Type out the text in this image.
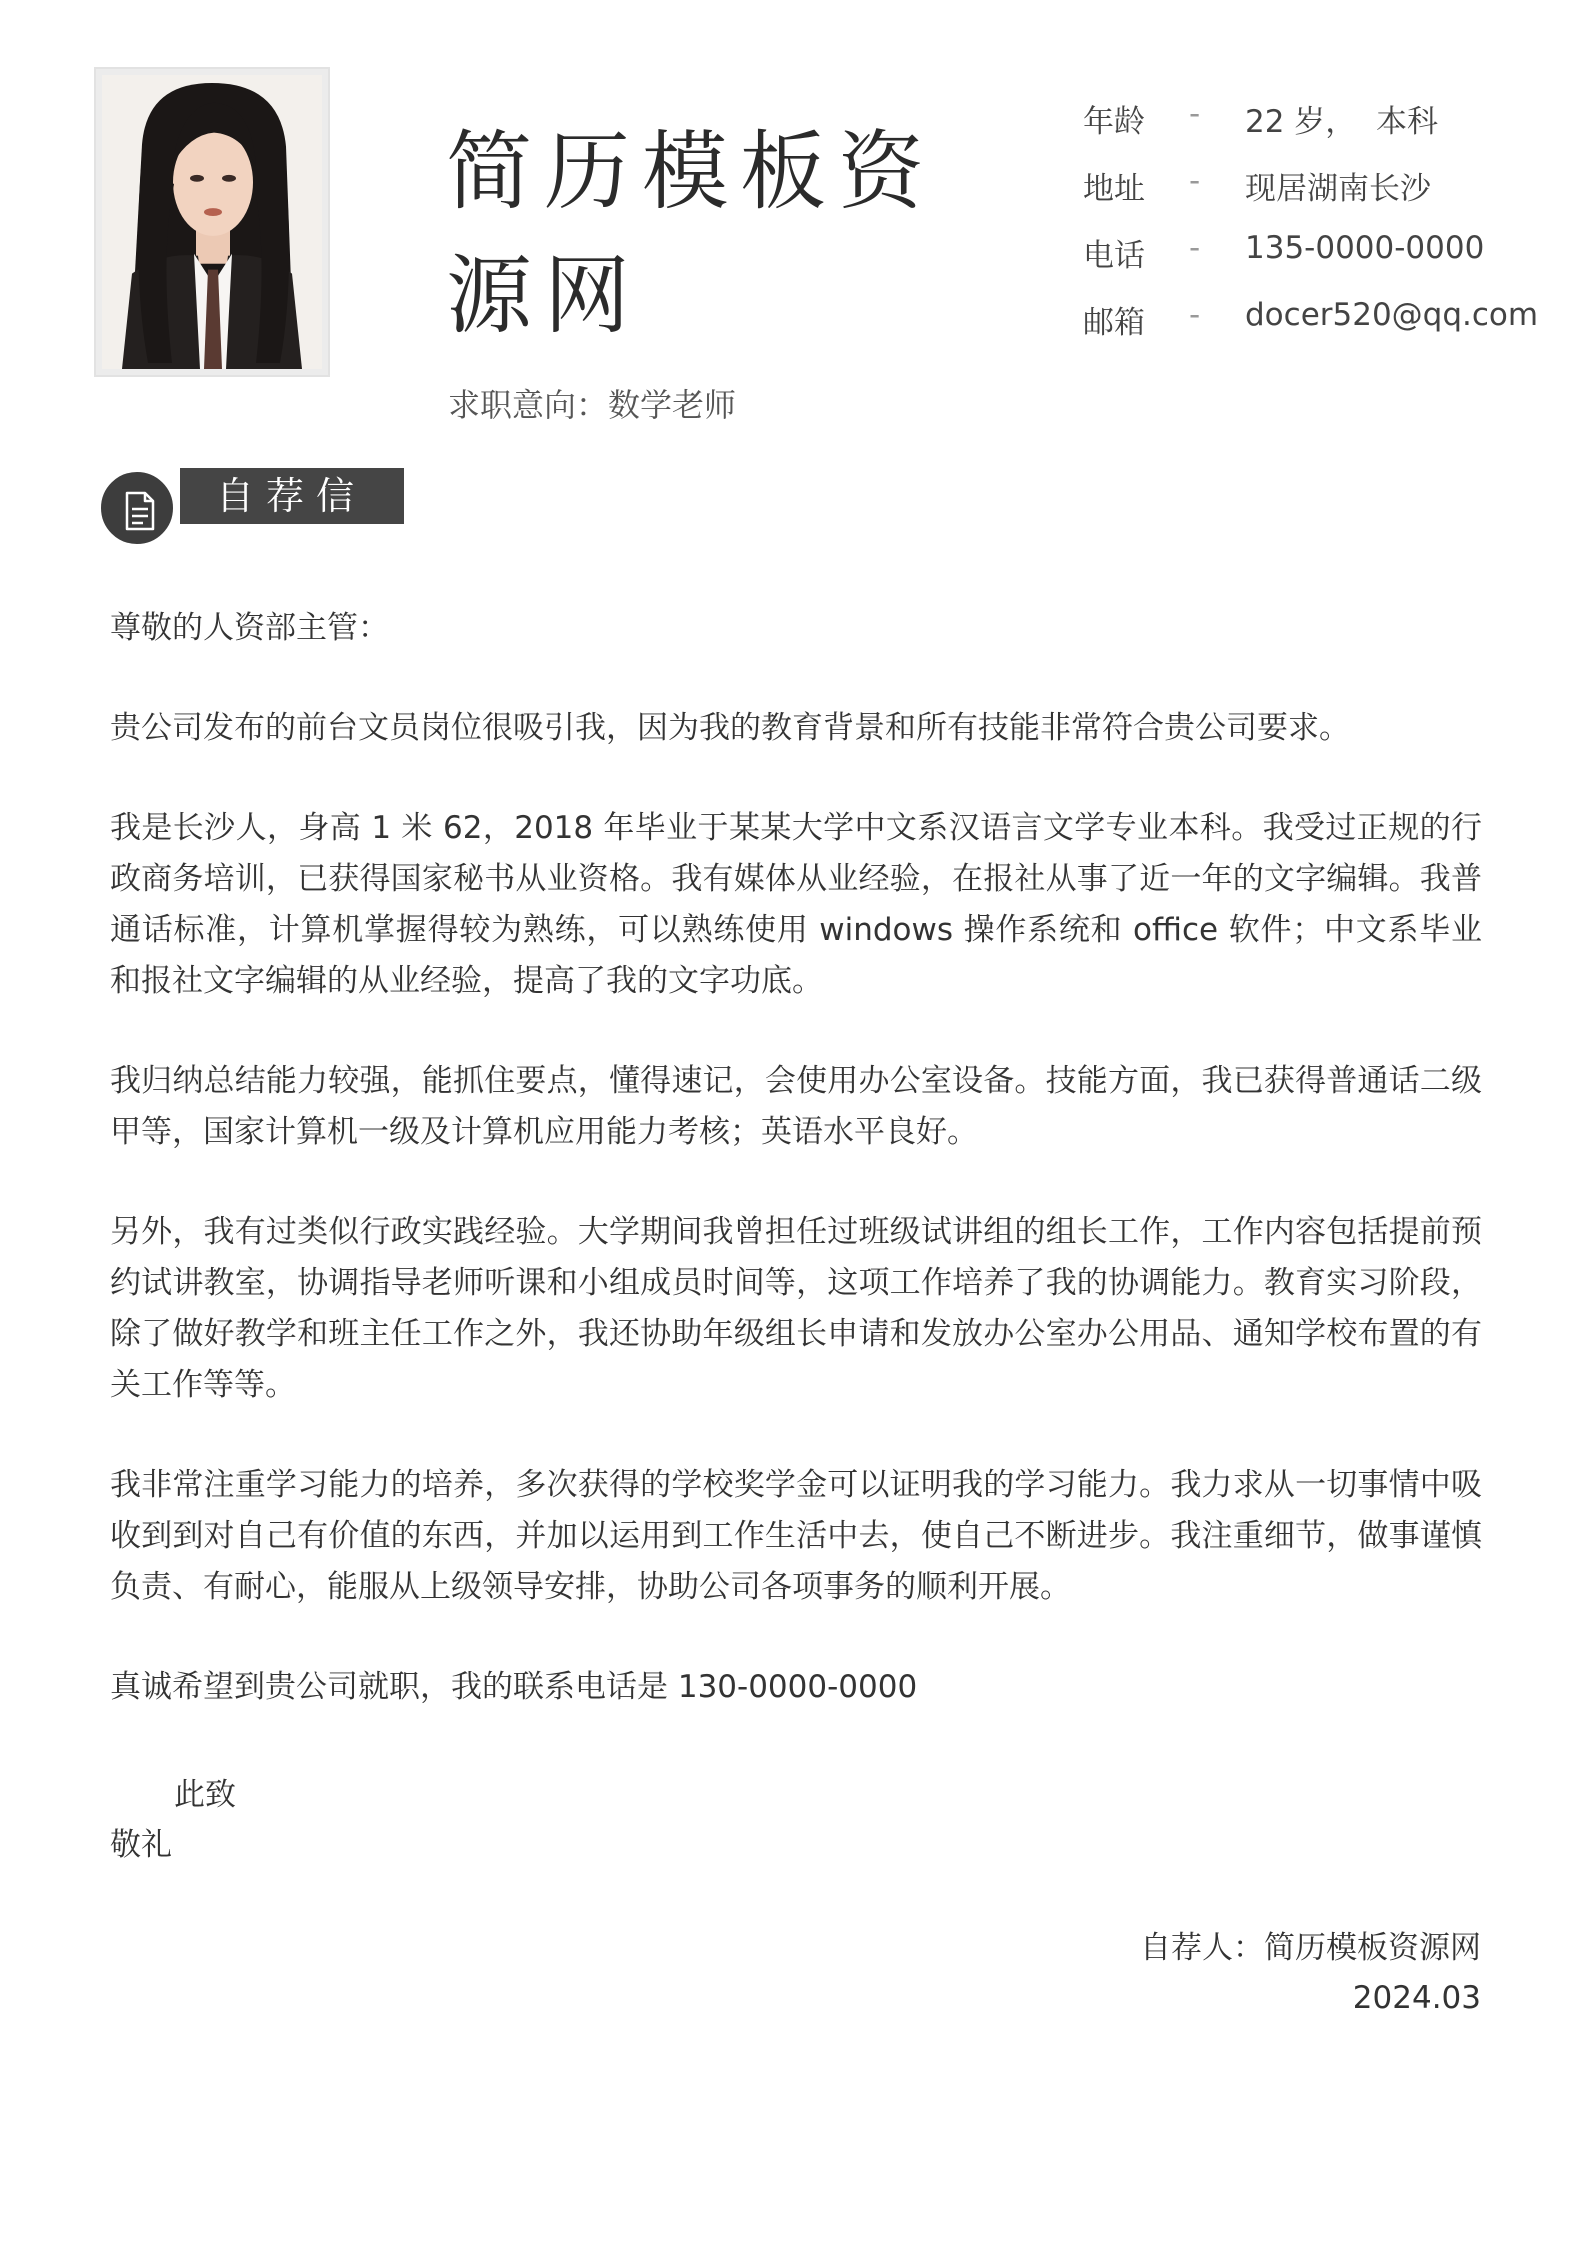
简历模板资源网
求职意向：数学老师
年龄 - 22 岁，  本科
地址 - 现居湖南长沙
电话 - 135-0000-0000
邮箱 - docer520@qq.com
自荐信

尊敬的人资部主管：

贵公司发布的前台文员岗位很吸引我，因为我的教育背景和所有技能非常符合贵公司要求。

我是长沙人，身高 1 米 62，2018 年毕业于某某大学中文系汉语言文学专业本科。我受过正规的行政商务培训，已获得国家秘书从业资格。我有媒体从业经验，在报社从事了近一年的文字编辑。我普通话标准，计算机掌握得较为熟练，可以熟练使用 windows 操作系统和 office 软件；中文系毕业和报社文字编辑的从业经验，提高了我的文字功底。

我归纳总结能力较强，能抓住要点，懂得速记，会使用办公室设备。技能方面，我已获得普通话二级甲等，国家计算机一级及计算机应用能力考核；英语水平良好。

另外，我有过类似行政实践经验。大学期间我曾担任过班级试讲组的组长工作，工作内容包括提前预约试讲教室，协调指导老师听课和小组成员时间等，这项工作培养了我的协调能力。教育实习阶段，除了做好教学和班主任工作之外，我还协助年级组长申请和发放办公室办公用品、通知学校布置的有关工作等等。

我非常注重学习能力的培养，多次获得的学校奖学金可以证明我的学习能力。我力求从一切事情中吸收到到对自己有价值的东西，并加以运用到工作生活中去，使自己不断进步。我注重细节，做事谨慎负责、有耐心，能服从上级领导安排，协助公司各项事务的顺利开展。

真诚希望到贵公司就职，我的联系电话是 130-0000-0000

此致
敬礼
自荐人：简历模板资源网
2024.03
